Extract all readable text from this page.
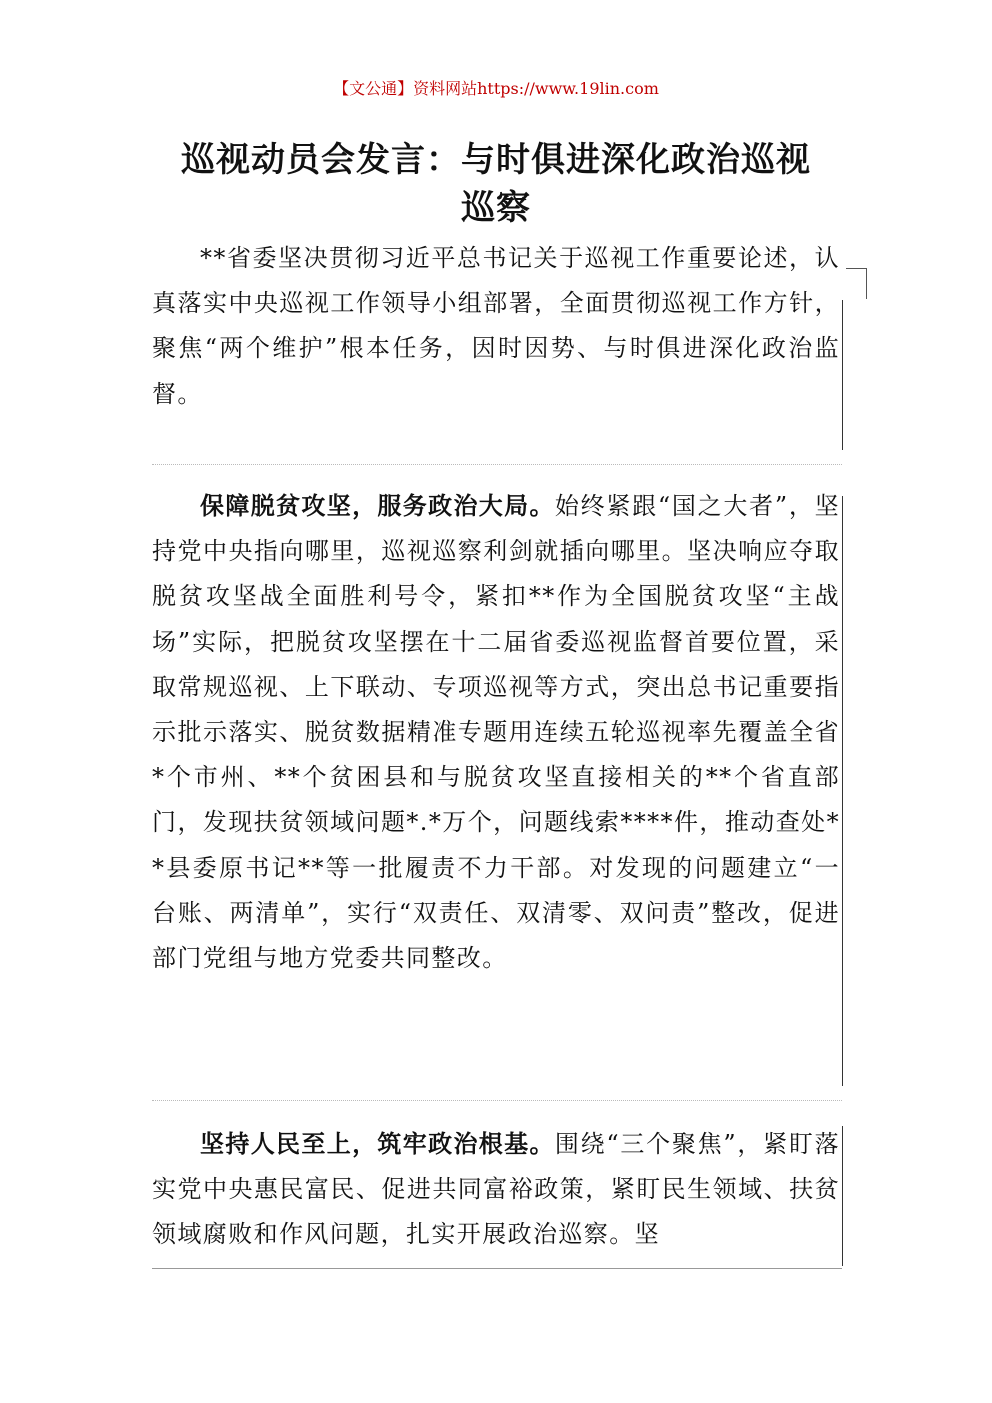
【文公通】资料网站https://www.19lin.com
巡视动员会发言：与时俱进深化政治巡视
巡察
**省委坚决贯彻习近平总书记关于巡视工作重要论述，认真落实中央巡视工作领导小组部署，全面贯彻巡视工作方针，聚焦“两个维护”根本任务，因时因势、与时俱进深化政治监督。
保障脱贫攻坚，服务政治大局。始终紧跟“国之大者”，坚持党中央指向哪里，巡视巡察利剑就插向哪里。坚决响应夺取脱贫攻坚战全面胜利号令，紧扣**作为全国脱贫攻坚“主战场”实际，把脱贫攻坚摆在十二届省委巡视监督首要位置，采取常规巡视、上下联动、专项巡视等方式，突出总书记重要指示批示落实、脱贫数据精准专题用连续五轮巡视率先覆盖全省*个市州、**个贫困县和与脱贫攻坚直接相关的**个省直部门，发现扶贫领域问题*.*万个，问题线索****件，推动查处**县委原书记**等一批履责不力干部。对发现的问题建立“一台账、两清单”，实行“双责任、双清零、双问责”整改，促进部门党组与地方党委共同整改。
坚持人民至上，筑牢政治根基。围绕“三个聚焦”，紧盯落实党中央惠民富民、促进共同富裕政策，紧盯民生领域、扶贫领域腐败和作风问题，扎实开展政治巡察。坚
